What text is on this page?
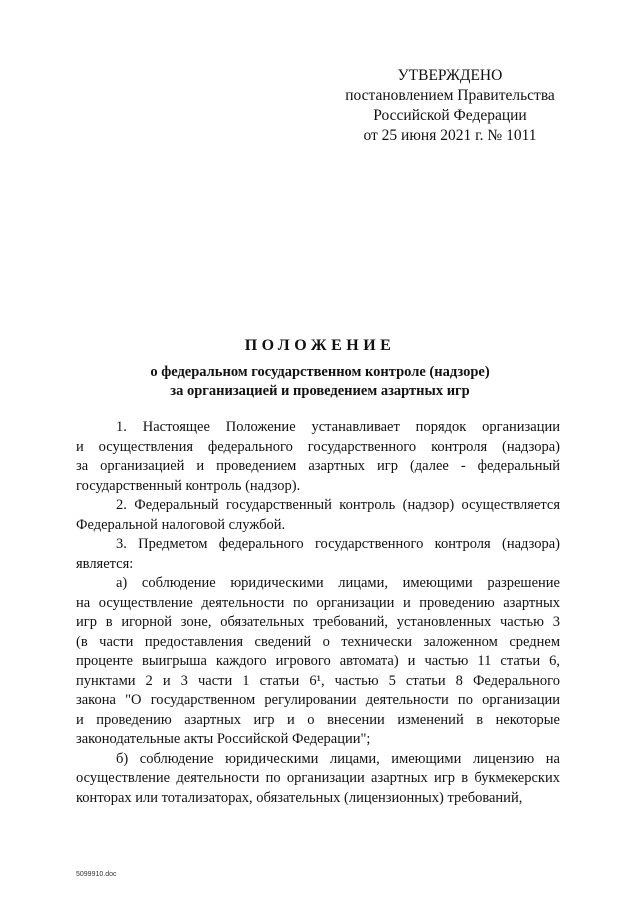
УТВЕРЖДЕНО
постановлением Правительства
Российской Федерации
от 25 июня 2021 г. № 1011
ПОЛОЖЕНИЕ
о федеральном государственном контроле (надзоре)
за организацией и проведением азартных игр
1. Настоящее Положение устанавливает порядок организации
и осуществления федерального государственного контроля (надзора)
за организацией и проведением азартных игр (далее - федеральный
государственный контроль (надзор).
2. Федеральный государственный контроль (надзор) осуществляется
Федеральной налоговой службой.
3. Предметом федерального государственного контроля (надзора)
является:
а) соблюдение юридическими лицами, имеющими разрешение
на осуществление деятельности по организации и проведению азартных
игр в игорной зоне, обязательных требований, установленных частью 3
(в части предоставления сведений о технически заложенном среднем
проценте выигрыша каждого игрового автомата) и частью 11 статьи 6,
пунктами 2 и 3 части 1 статьи 6¹, частью 5 статьи 8 Федерального
закона "О государственном регулировании деятельности по организации
и проведению азартных игр и о внесении изменений в некоторые
законодательные акты Российской Федерации";
б) соблюдение юридическими лицами, имеющими лицензию на
осуществление деятельности по организации азартных игр в букмекерских
конторах или тотализаторах, обязательных (лицензионных) требований,
5099910.doc
